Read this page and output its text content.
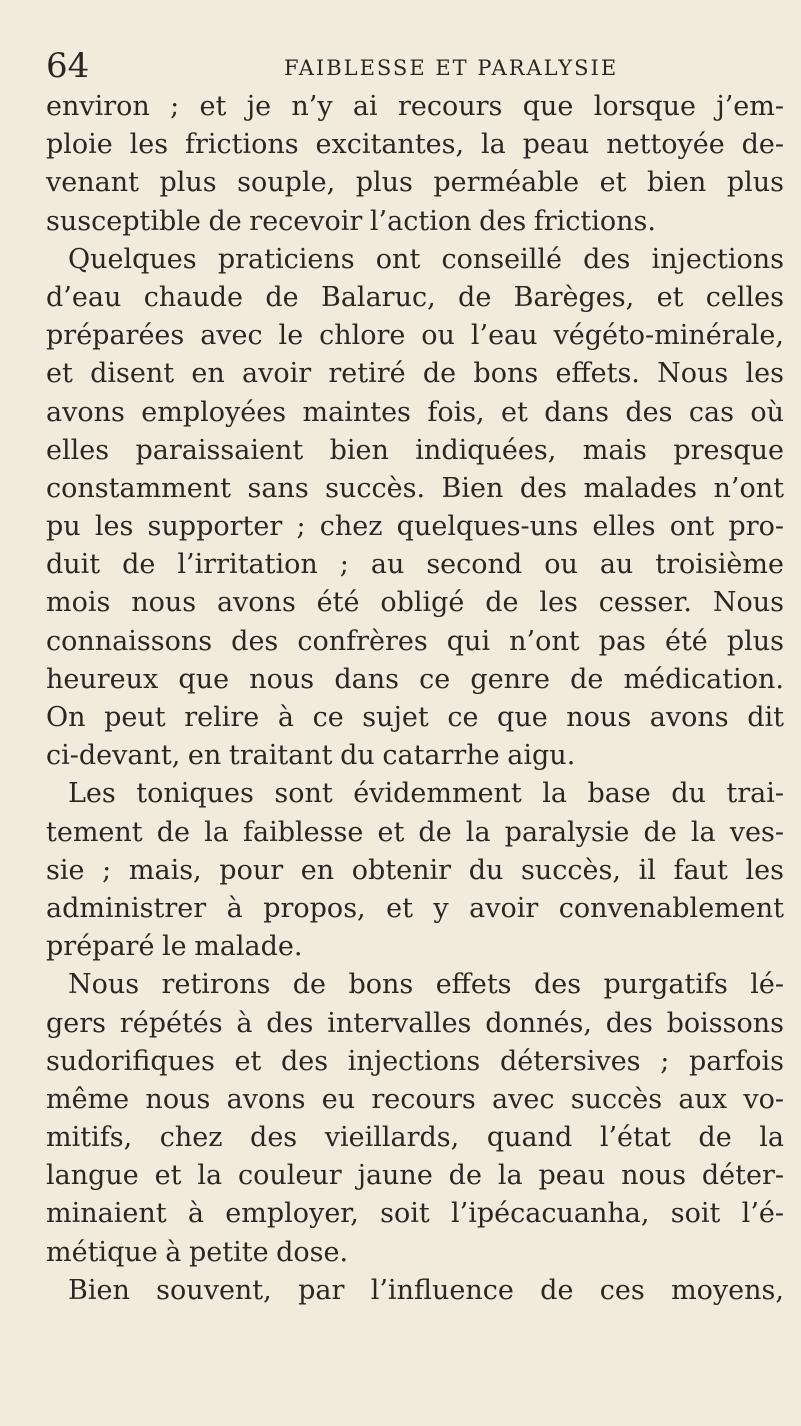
64	FAIBLESSE ET PARALYSIE
environ ; et je n’y ai recours que lorsque j’em-
ploie les frictions excitantes, la peau nettoyée de-
venant plus souple, plus perméable et bien plus
susceptible de recevoir l’action des frictions.
Quelques praticiens ont conseillé des injections
d’eau chaude de Balaruc, de Barèges, et celles
préparées avec le chlore ou l’eau végéto-minérale,
et disent en avoir retiré de bons effets. Nous les
avons employées maintes fois, et dans des cas où
elles paraissaient bien indiquées, mais presque
constamment sans succès. Bien des malades n’ont
pu les supporter ; chez quelques-uns elles ont pro-
duit de l’irritation ; au second ou au troisième
mois nous avons été obligé de les cesser. Nous
connaissons des confrères qui n’ont pas été plus
heureux que nous dans ce genre de médication.
On peut relire à ce sujet ce que nous avons dit
ci-devant, en traitant du catarrhe aigu.
Les toniques sont évidemment la base du trai-
tement de la faiblesse et de la paralysie de la ves-
sie ; mais, pour en obtenir du succès, il faut les
administrer à propos, et y avoir convenablement
préparé le malade.
Nous retirons de bons effets des purgatifs lé-
gers répétés à des intervalles donnés, des boissons
sudorifiques et des injections détersives ; parfois
même nous avons eu recours avec succès aux vo-
mitifs, chez des vieillards, quand l’état de la
langue et la couleur jaune de la peau nous déter-
minaient à employer, soit l’ipécacuanha, soit l’é-
métique à petite dose.
Bien souvent, par l’influence de ces moyens,
